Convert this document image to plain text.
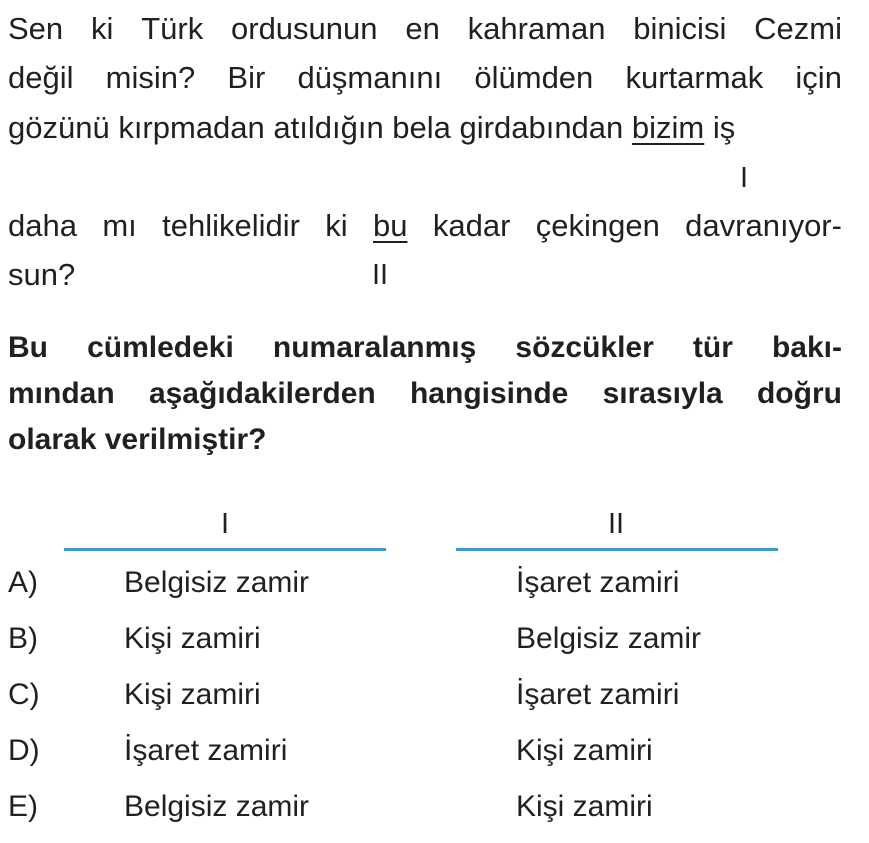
Sen ki Türk ordusunun en kahraman binicisi Cezmi
değil misin? Bir düşmanını ölümden kurtarmak için
gözünü kırpmadan atıldığın bela girdabından bizim iş
I
daha mı tehlikelidir ki bu kadar çekingen davranıyor-
sun?	II
Bu cümledeki numaralanmış sözcükler tür bakı-
mından aşağıdakilerden hangisinde sırasıyla doğru
olarak verilmiştir?
I	II
A)	Belgisiz zamir	İşaret zamiri
B)	Kişi zamiri	Belgisiz zamir
C)	Kişi zamiri	İşaret zamiri
D)	İşaret zamiri	Kişi zamiri
E)	Belgisiz zamir	Kişi zamiri
